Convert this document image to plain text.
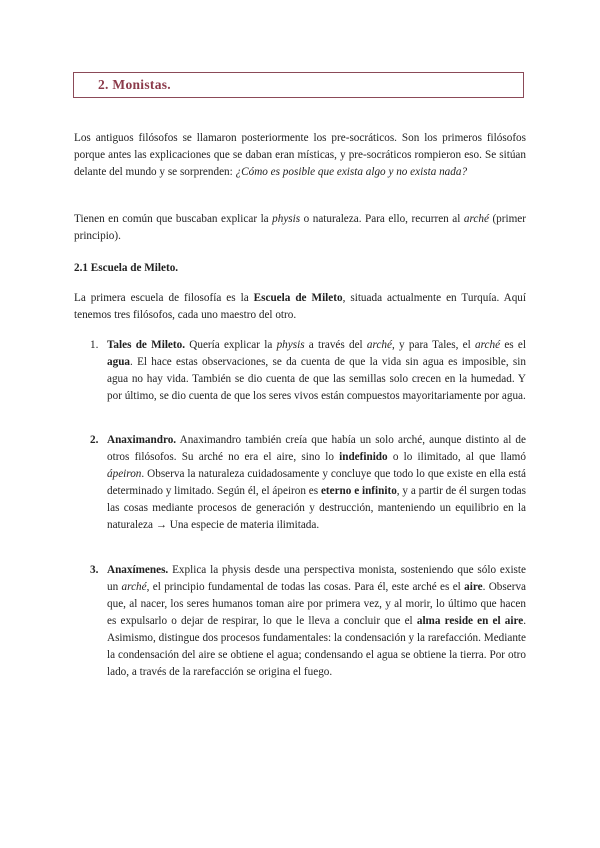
2. Monistas.

Los antiguos filósofos se llamaron posteriormente los pre-socráticos. Son los primeros filósofos porque antes las explicaciones que se daban eran místicas, y pre-socráticos rompieron eso. Se sitúan delante del mundo y se sorprenden: ¿Cómo es posible que exista algo y no exista nada?

Tienen en común que buscaban explicar la physis o naturaleza. Para ello, recurren al arché (primer principio).

2.1 Escuela de Mileto.

La primera escuela de filosofía es la Escuela de Mileto, situada actualmente en Turquía. Aquí tenemos tres filósofos, cada uno maestro del otro.

1. Tales de Mileto. Quería explicar la physis a través del arché, y para Tales, el arché es el agua. El hace estas observaciones, se da cuenta de que la vida sin agua es imposible, sin agua no hay vida. También se dio cuenta de que las semillas solo crecen en la humedad. Y por último, se dio cuenta de que los seres vivos están compuestos mayoritariamente por agua.

2. Anaximandro. Anaximandro también creía que había un solo arché, aunque distinto al de otros filósofos. Su arché no era el aire, sino lo indefinido o lo ilimitado, al que llamó ápeiron. Observa la naturaleza cuidadosamente y concluye que todo lo que existe en ella está determinado y limitado. Según él, el ápeiron es eterno e infinito, y a partir de él surgen todas las cosas mediante procesos de generación y destrucción, manteniendo un equilibrio en la naturaleza → Una especie de materia ilimitada.

3. Anaxímenes. Explica la physis desde una perspectiva monista, sosteniendo que sólo existe un arché, el principio fundamental de todas las cosas. Para él, este arché es el aire. Observa que, al nacer, los seres humanos toman aire por primera vez, y al morir, lo último que hacen es expulsarlo o dejar de respirar, lo que le lleva a concluir que el alma reside en el aire. Asimismo, distingue dos procesos fundamentales: la condensación y la rarefacción. Mediante la condensación del aire se obtiene el agua; condensando el agua se obtiene la tierra. Por otro lado, a través de la rarefacción se origina el fuego.
